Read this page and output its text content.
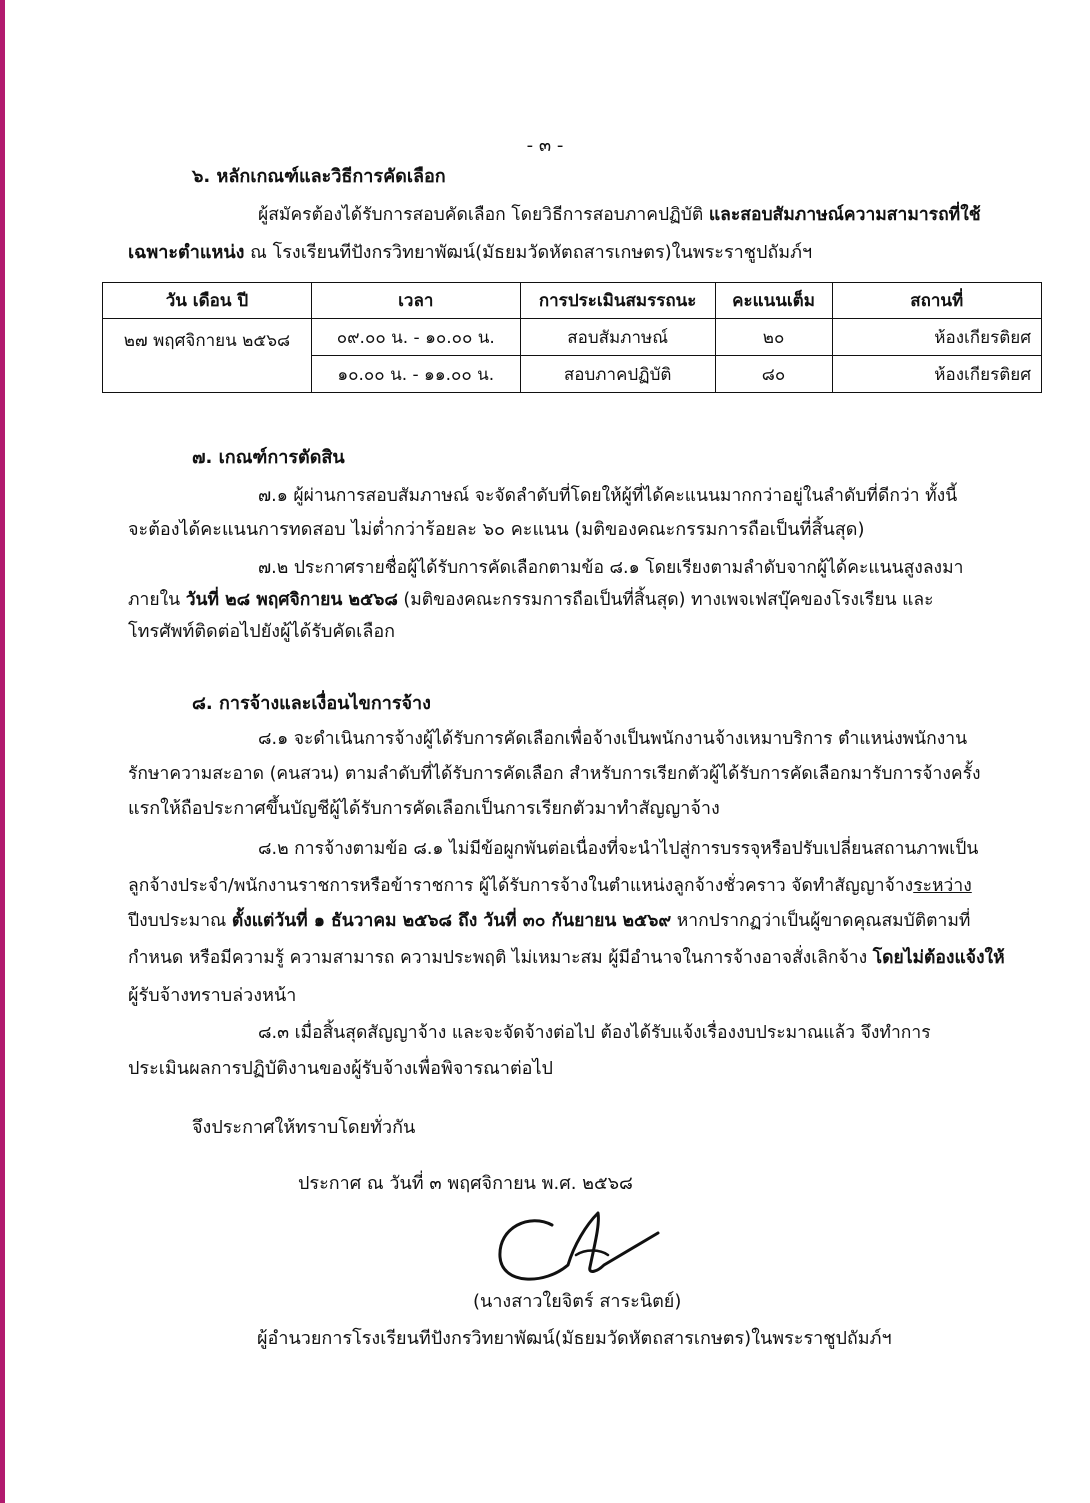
- ๓ -
๖. หลักเกณฑ์และวิธีการคัดเลือก
ผู้สมัครต้องได้รับการสอบคัดเลือก โดยวิธีการสอบภาคปฏิบัติ และสอบสัมภาษณ์ความสามารถที่ใช้
เฉพาะตำแหน่ง ณ โรงเรียนทีปังกรวิทยาพัฒน์(มัธยมวัดหัตถสารเกษตร)ในพระราชูปถัมภ์ฯ
วัน เดือน ปี	เวลา	การประเมินสมรรถนะ	คะแนนเต็ม	สถานที่
๒๗ พฤศจิกายน ๒๕๖๘	๐๙.๐๐ น. - ๑๐.๐๐ น.	สอบสัมภาษณ์	๒๐	ห้องเกียรติยศ
	๑๐.๐๐ น. - ๑๑.๐๐ น.	สอบภาคปฏิบัติ	๘๐	ห้องเกียรติยศ
๗. เกณฑ์การตัดสิน
๗.๑ ผู้ผ่านการสอบสัมภาษณ์ จะจัดลำดับที่โดยให้ผู้ที่ได้คะแนนมากกว่าอยู่ในลำดับที่ดีกว่า ทั้งนี้
จะต้องได้คะแนนการทดสอบ ไม่ต่ำกว่าร้อยละ ๖๐ คะแนน (มติของคณะกรรมการถือเป็นที่สิ้นสุด)
๗.๒ ประกาศรายชื่อผู้ได้รับการคัดเลือกตามข้อ ๘.๑ โดยเรียงตามลำดับจากผู้ได้คะแนนสูงลงมา
ภายใน วันที่ ๒๘ พฤศจิกายน ๒๕๖๘ (มติของคณะกรรมการถือเป็นที่สิ้นสุด) ทางเพจเฟสบุ๊คของโรงเรียน และ
โทรศัพท์ติดต่อไปยังผู้ได้รับคัดเลือก
๘. การจ้างและเงื่อนไขการจ้าง
๘.๑ จะดำเนินการจ้างผู้ได้รับการคัดเลือกเพื่อจ้างเป็นพนักงานจ้างเหมาบริการ ตำแหน่งพนักงาน
รักษาความสะอาด (คนสวน) ตามลำดับที่ได้รับการคัดเลือก สำหรับการเรียกตัวผู้ได้รับการคัดเลือกมารับการจ้างครั้ง
แรกให้ถือประกาศขึ้นบัญชีผู้ได้รับการคัดเลือกเป็นการเรียกตัวมาทำสัญญาจ้าง
๘.๒ การจ้างตามข้อ ๘.๑ ไม่มีข้อผูกพันต่อเนื่องที่จะนำไปสู่การบรรจุหรือปรับเปลี่ยนสถานภาพเป็น
ลูกจ้างประจำ/พนักงานราชการหรือข้าราชการ ผู้ได้รับการจ้างในตำแหน่งลูกจ้างชั่วคราว จัดทำสัญญาจ้างระหว่าง
ปีงบประมาณ ตั้งแต่วันที่ ๑ ธันวาคม ๒๕๖๘ ถึง วันที่ ๓๐ กันยายน ๒๕๖๙ หากปรากฏว่าเป็นผู้ขาดคุณสมบัติตามที่
กำหนด หรือมีความรู้ ความสามารถ ความประพฤติ ไม่เหมาะสม ผู้มีอำนาจในการจ้างอาจสั่งเลิกจ้าง โดยไม่ต้องแจ้งให้
ผู้รับจ้างทราบล่วงหน้า
๘.๓ เมื่อสิ้นสุดสัญญาจ้าง และจะจัดจ้างต่อไป ต้องได้รับแจ้งเรื่องงบประมาณแล้ว จึงทำการ
ประเมินผลการปฏิบัติงานของผู้รับจ้างเพื่อพิจารณาต่อไป
จึงประกาศให้ทราบโดยทั่วกัน
ประกาศ ณ วันที่ ๓ พฤศจิกายน พ.ศ. ๒๕๖๘
(นางสาวใยจิตร์ สาระนิตย์)
ผู้อำนวยการโรงเรียนทีปังกรวิทยาพัฒน์(มัธยมวัดหัตถสารเกษตร)ในพระราชูปถัมภ์ฯ
